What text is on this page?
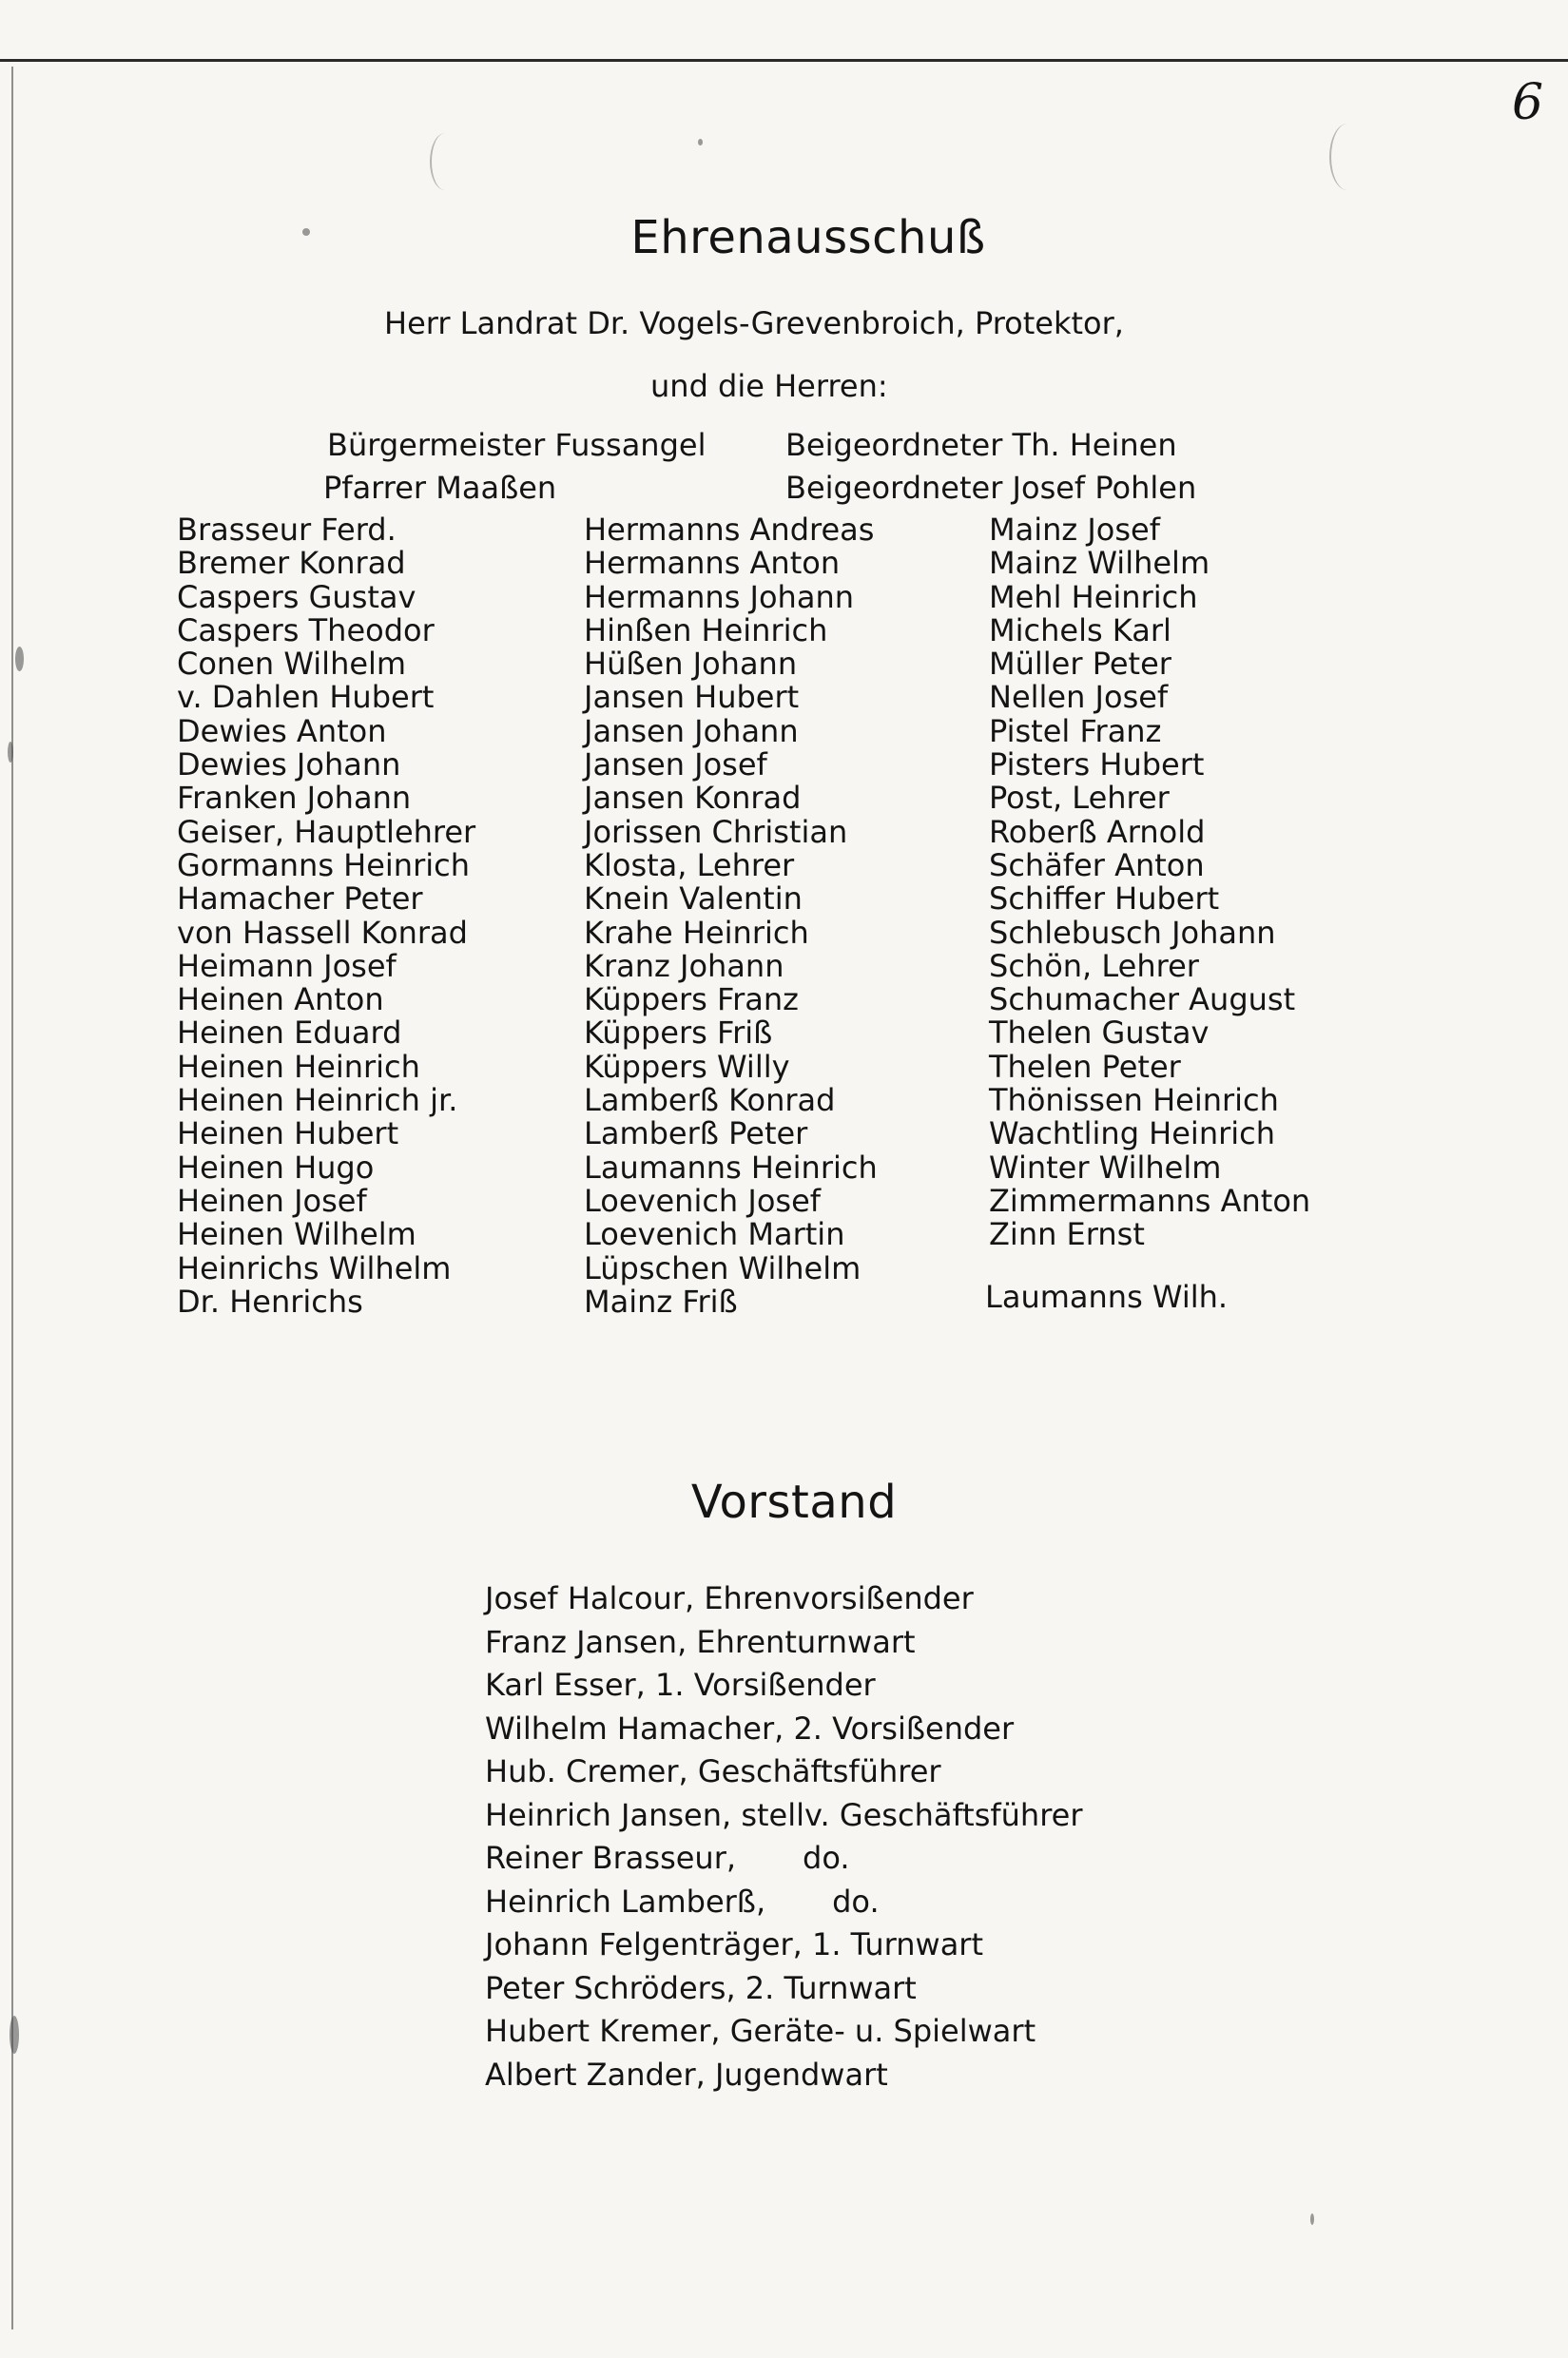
6
Ehrenausschuß
Herr Landrat Dr. Vogels-Grevenbroich, Protektor,
und die Herren:
Bürgermeister Fussangel	Beigeordneter Th. Heinen
Pfarrer Maaßen	Beigeordneter Josef Pohlen
Brasseur Ferd.
Bremer Konrad
Caspers Gustav
Caspers Theodor
Conen Wilhelm
v. Dahlen Hubert
Dewies Anton
Dewies Johann
Franken Johann
Geiser, Hauptlehrer
Gormanns Heinrich
Hamacher Peter
von Hassell Konrad
Heimann Josef
Heinen Anton
Heinen Eduard
Heinen Heinrich
Heinen Heinrich jr.
Heinen Hubert
Heinen Hugo
Heinen Josef
Heinen Wilhelm
Heinrichs Wilhelm
Dr. Henrichs
Hermanns Andreas
Hermanns Anton
Hermanns Johann
Hinßen Heinrich
Hüßen Johann
Jansen Hubert
Jansen Johann
Jansen Josef
Jansen Konrad
Jorissen Christian
Klosta, Lehrer
Knein Valentin
Krahe Heinrich
Kranz Johann
Küppers Franz
Küppers Friß
Küppers Willy
Lamberß Konrad
Lamberß Peter
Laumanns Heinrich
Loevenich Josef
Loevenich Martin
Lüpschen Wilhelm
Mainz Friß
Mainz Josef
Mainz Wilhelm
Mehl Heinrich
Michels Karl
Müller Peter
Nellen Josef
Pistel Franz
Pisters Hubert
Post, Lehrer
Roberß Arnold
Schäfer Anton
Schiffer Hubert
Schlebusch Johann
Schön, Lehrer
Schumacher August
Thelen Gustav
Thelen Peter
Thönissen Heinrich
Wachtling Heinrich
Winter Wilhelm
Zimmermanns Anton
Zinn Ernst
Laumanns Wilh.
Vorstand
Josef Halcour, Ehrenvorsißender
Franz Jansen, Ehrenturnwart
Karl Esser, 1. Vorsißender
Wilhelm Hamacher, 2. Vorsißender
Hub. Cremer, Geschäftsführer
Heinrich Jansen, stellv. Geschäftsführer
Reiner Brasseur, do.
Heinrich Lamberß, do.
Johann Felgenträger, 1. Turnwart
Peter Schröders, 2. Turnwart
Hubert Kremer, Geräte- u. Spielwart
Albert Zander, Jugendwart
